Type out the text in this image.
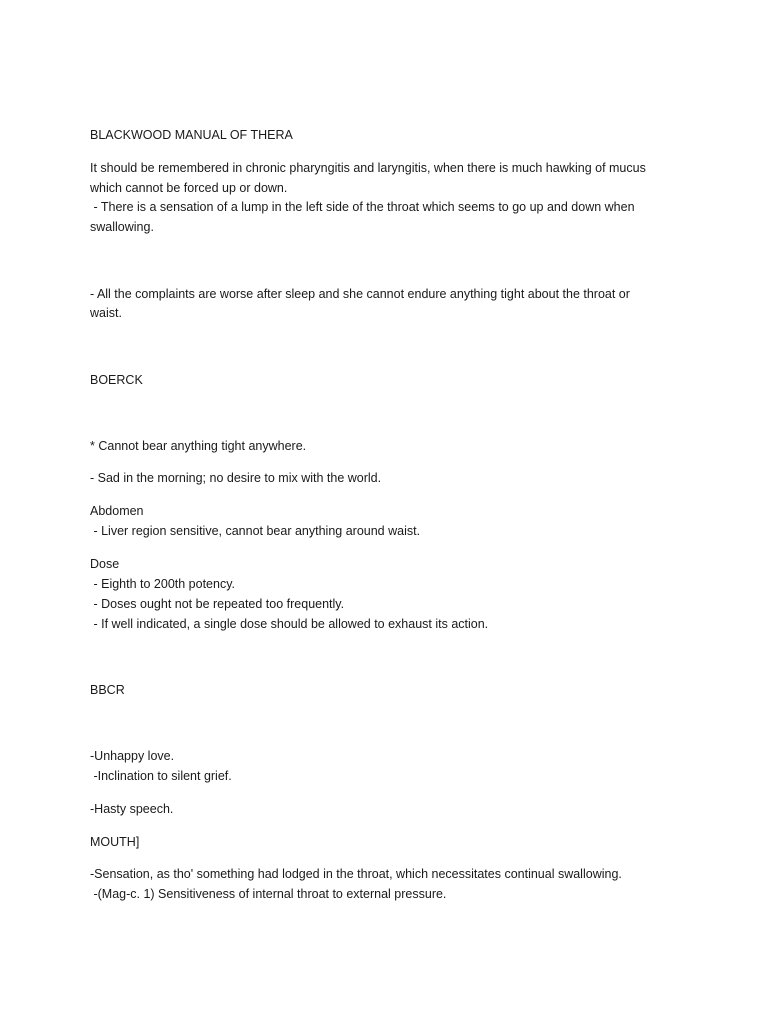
BLACKWOOD MANUAL OF THERA
It should be remembered in chronic pharyngitis and laryngitis, when there is much hawking of mucus
which cannot be forced up or down.
- There is a sensation of a lump in the left side of the throat which seems to go up and down when
swallowing.
- All the complaints are worse after sleep and she cannot endure anything tight about the throat or
waist.
BOERCK
* Cannot bear anything tight anywhere.
- Sad in the morning; no desire to mix with the world.
Abdomen
- Liver region sensitive, cannot bear anything around waist.
Dose
- Eighth to 200th potency.
- Doses ought not be repeated too frequently.
- If well indicated, a single dose should be allowed to exhaust its action.
BBCR
-Unhappy love.
-Inclination to silent grief.
-Hasty speech.
MOUTH]
-Sensation, as tho' something had lodged in the throat, which necessitates continual swallowing.
-(Mag-c. 1) Sensitiveness of internal throat to external pressure.
